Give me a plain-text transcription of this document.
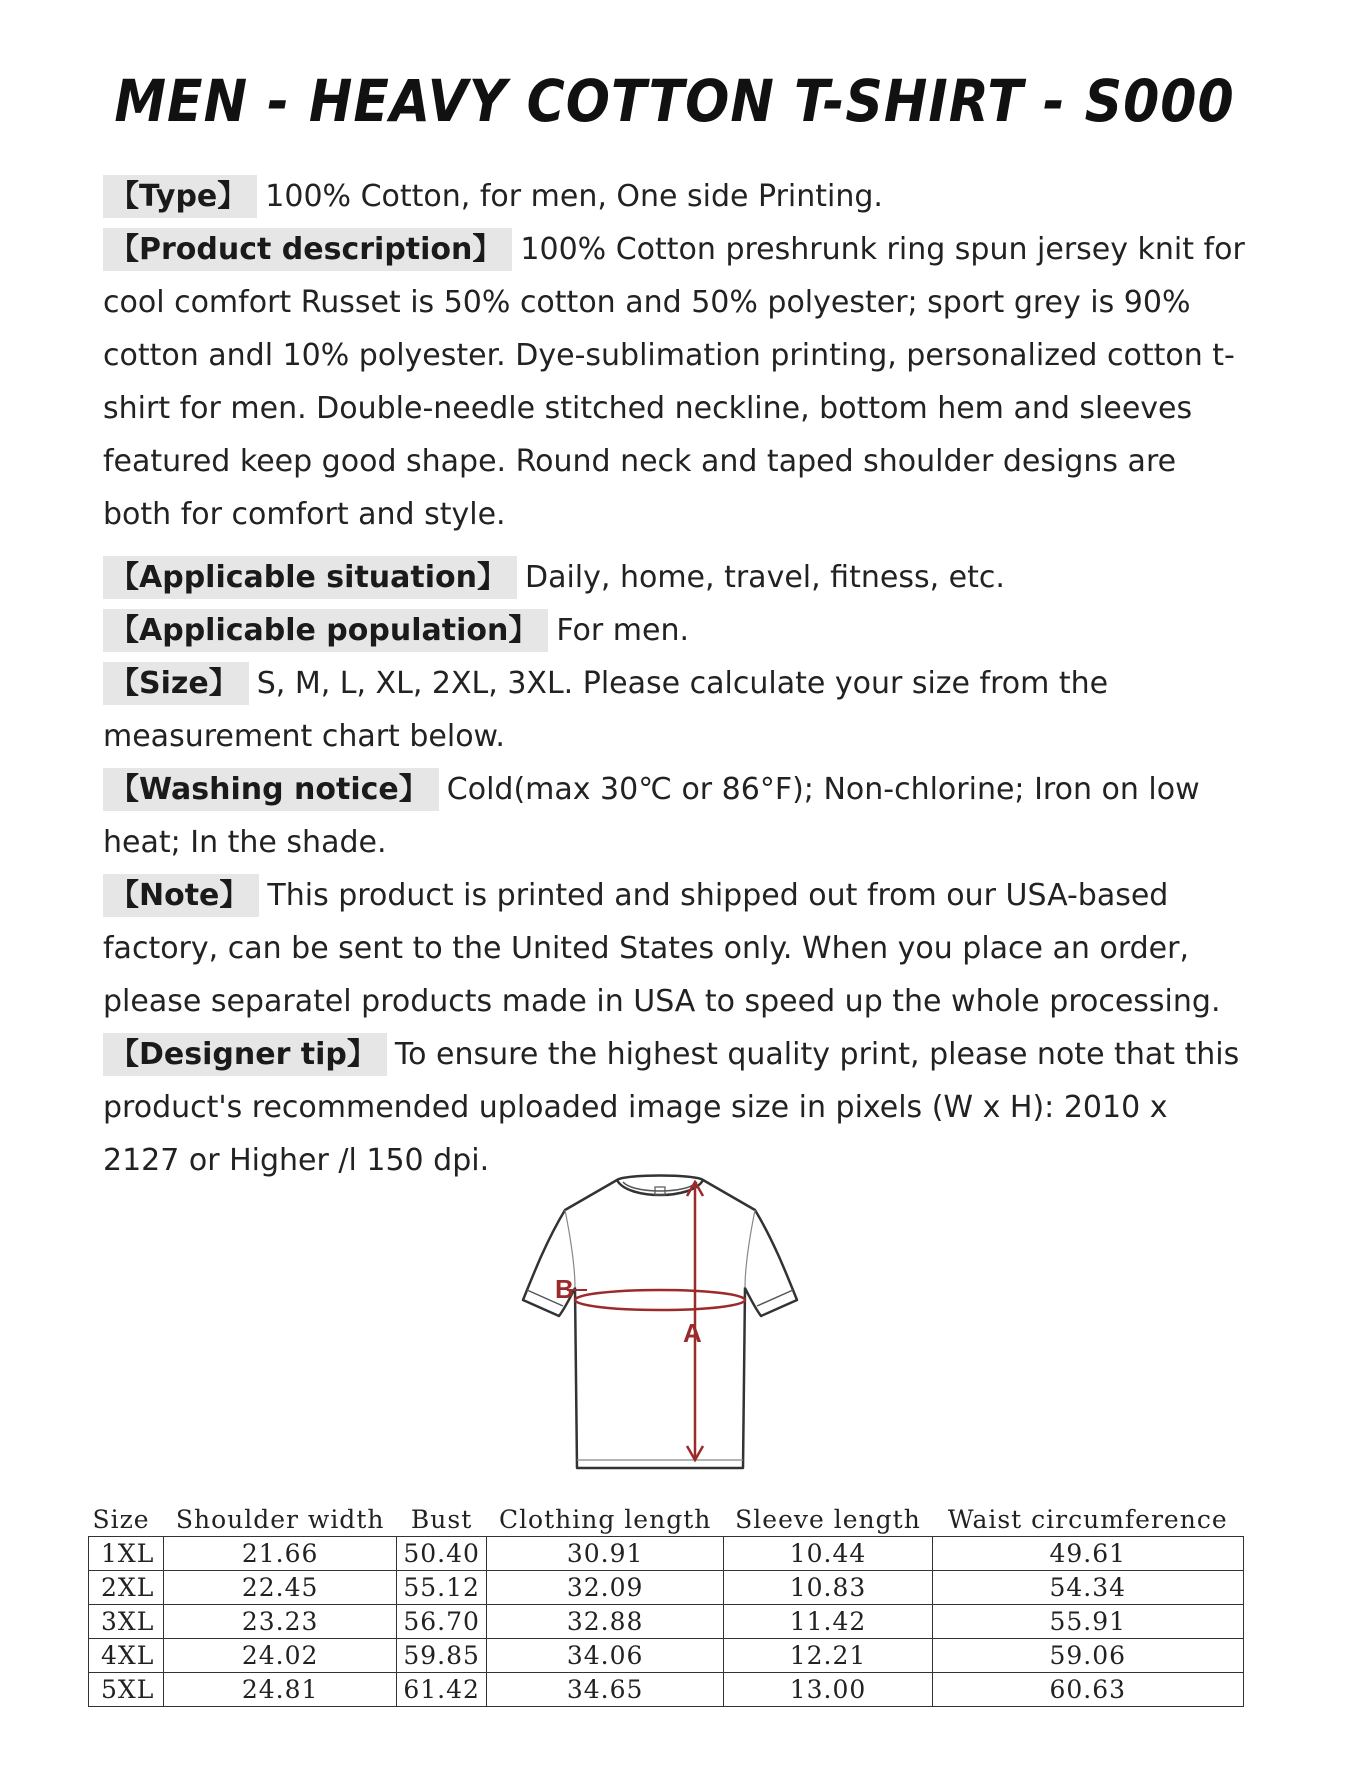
MEN - HEAVY COTTON T-SHIRT - S000

【Type】 100% Cotton, for men, One side Printing.

【Product description】 100% Cotton preshrunk ring spun jersey knit for cool comfort Russet is 50% cotton and 50% polyester; sport grey is 90% cotton andl 10% polyester. Dye-sublimation printing, personalized cotton t-shirt for men. Double-needle stitched neckline, bottom hem and sleeves featured keep good shape. Round neck and taped shoulder designs are both for comfort and style.

【Applicable situation】 Daily, home, travel, fitness, etc.

【Applicable population】 For men.

【Size】 S, M, L, XL, 2XL, 3XL. Please calculate your size from the measurement chart below.

【Washing notice】 Cold(max 30℃ or 86°F); Non-chlorine; Iron on low heat; In the shade.

【Note】 This product is printed and shipped out from our USA-based factory, can be sent to the United States only. When you place an order, please separatel products made in USA to speed up the whole processing.

【Designer tip】 To ensure the highest quality print, please note that this product's recommended uploaded image size in pixels (W x H): 2010 x 2127 or Higher /l 150 dpi.

B
A
Size	Shoulder width	Bust	Clothing length	Sleeve length	Waist circumference
1XL	21.66	50.40	30.91	10.44	49.61
2XL	22.45	55.12	32.09	10.83	54.34
3XL	23.23	56.70	32.88	11.42	55.91
4XL	24.02	59.85	34.06	12.21	59.06
5XL	24.81	61.42	34.65	13.00	60.63
